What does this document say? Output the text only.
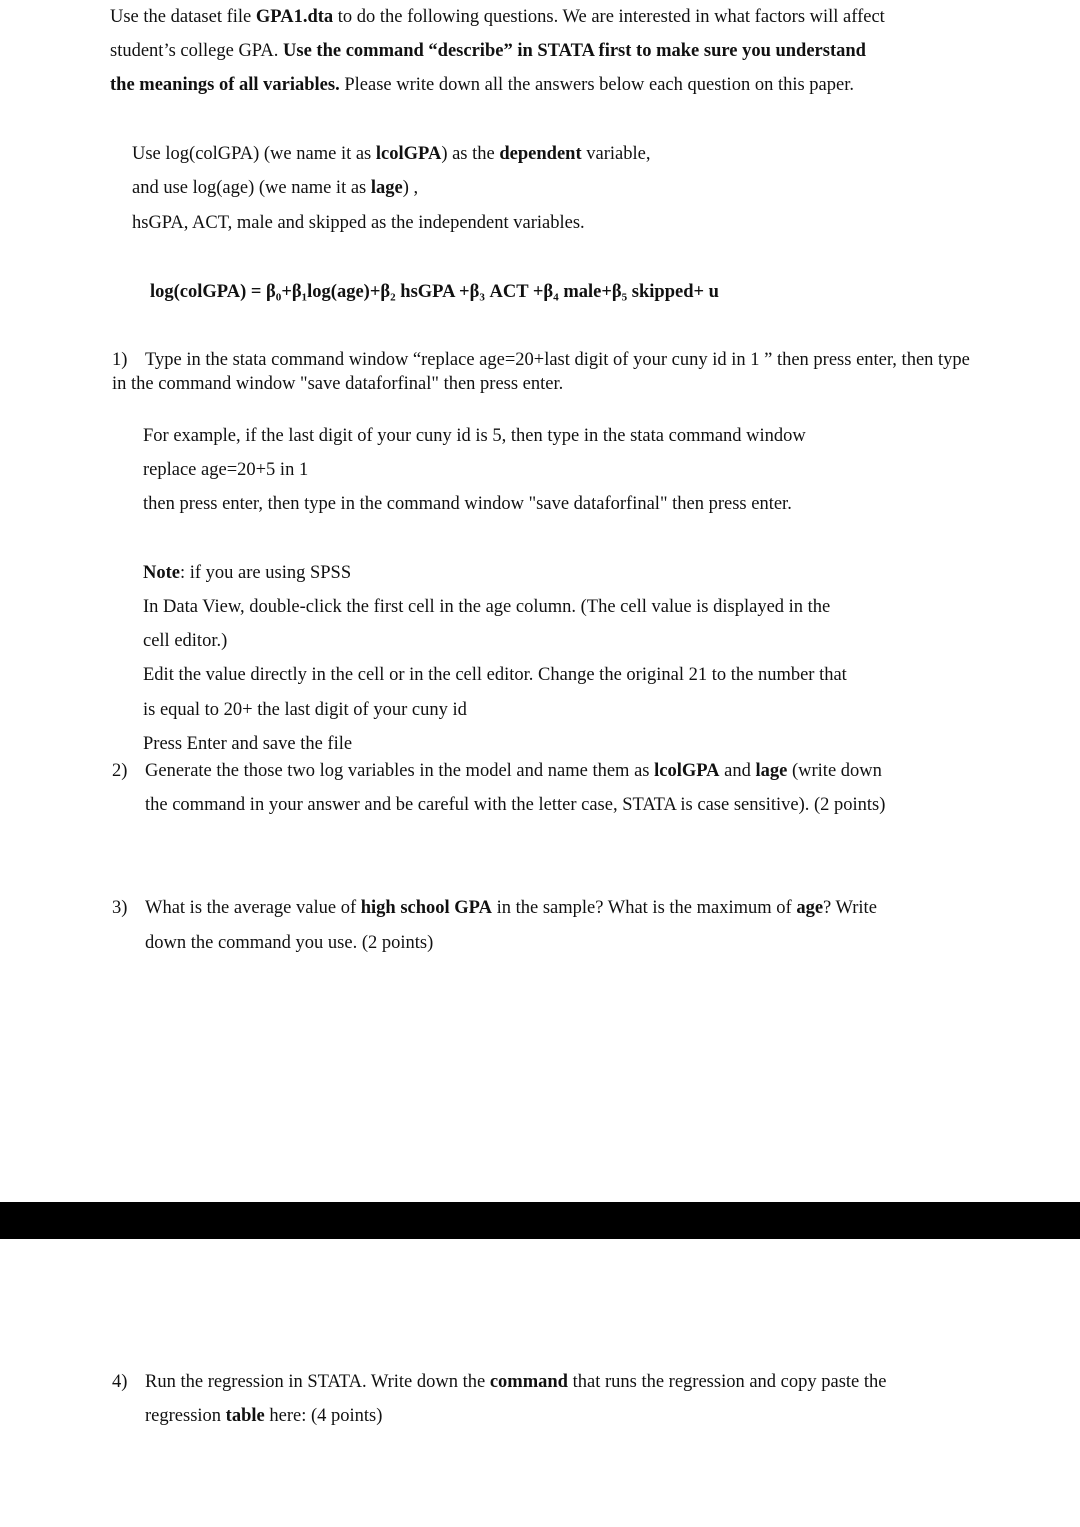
Use the dataset file GPA1.dta to do the following questions. We are interested in what factors will affect
student’s college GPA. Use the command “describe” in STATA first to make sure you understand
the meanings of all variables. Please write down all the answers below each question on this paper.
Use log(colGPA) (we name it as lcolGPA) as the dependent variable,
and use log(age) (we name it as lage) ,
hsGPA, ACT, male and skipped as the independent variables.
log(colGPA) = β₀+β₁log(age)+β₂ hsGPA +β₃ ACT +β₄ male+β₅ skipped+ u
1) Type in the stata command window “replace age=20+last digit of your cuny id in 1 ” then press enter, then type
in the command window "save dataforfinal" then press enter.
For example, if the last digit of your cuny id is 5, then type in the stata command window
replace age=20+5 in 1
then press enter, then type in the command window "save dataforfinal" then press enter.
Note: if you are using SPSS
In Data View, double-click the first cell in the age column. (The cell value is displayed in the
cell editor.)
Edit the value directly in the cell or in the cell editor. Change the original 21 to the number that
is equal to 20+ the last digit of your cuny id
Press Enter and save the file
2) Generate the those two log variables in the model and name them as lcolGPA and lage (write down
the command in your answer and be careful with the letter case, STATA is case sensitive). (2 points)
3) What is the average value of high school GPA in the sample? What is the maximum of age? Write
down the command you use. (2 points)
4) Run the regression in STATA. Write down the command that runs the regression and copy paste the
regression table here: (4 points)
